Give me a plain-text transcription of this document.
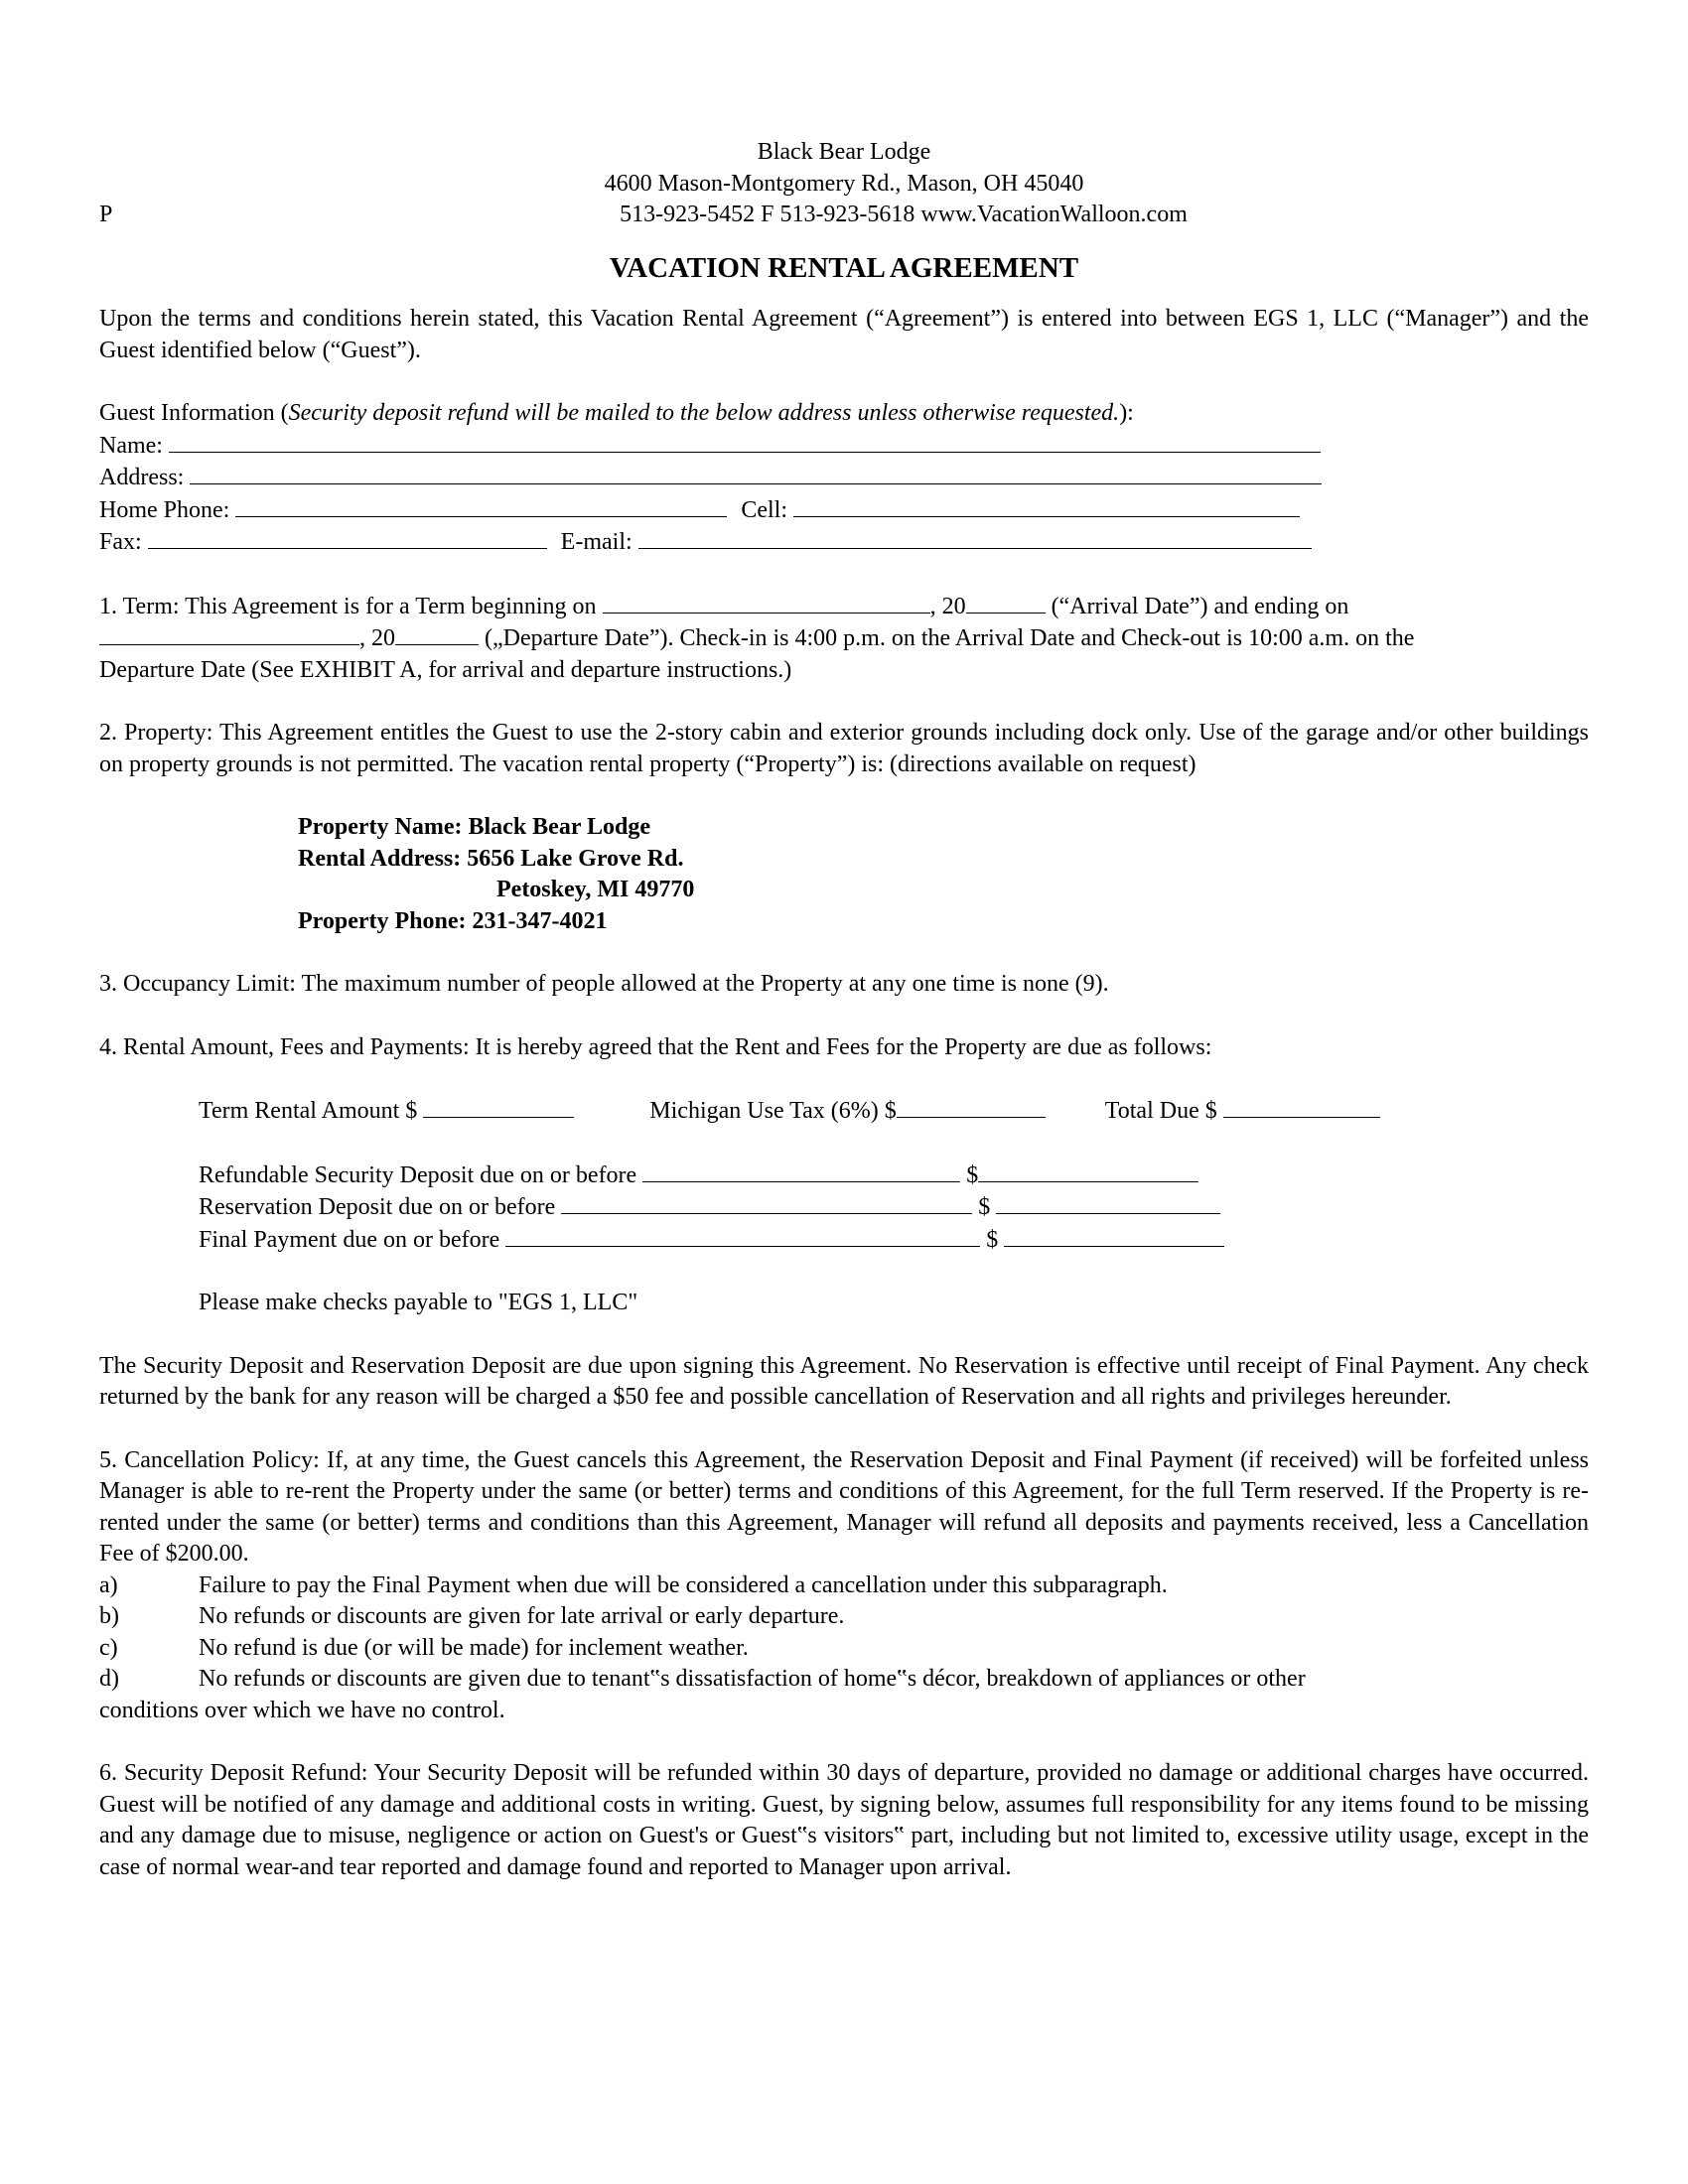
Black Bear Lodge
4600 Mason-Montgomery Rd., Mason, OH 45040
513-923-5452 F 513-923-5618 www.VacationWalloon.com
P
VACATION RENTAL AGREEMENT

Upon the terms and conditions herein stated, this Vacation Rental Agreement (“Agreement”) is entered into between EGS 1, LLC (“Manager”) and the Guest identified below (“Guest”).

Guest Information (Security deposit refund will be mailed to the below address unless otherwise requested.):
Name:
Address:
Home Phone:	Cell:
Fax:	E-mail:
1. Term: This Agreement is for a Term beginning on	, 20	(“Arrival Date”) and ending on
, 20	(„Departure Date”). Check-in is 4:00 p.m. on the Arrival Date and Check-out is 10:00 a.m. on the
Departure Date (See EXHIBIT A, for arrival and departure instructions.)

2. Property: This Agreement entitles the Guest to use the 2-story cabin and exterior grounds including dock only. Use of the garage and/or other buildings on property grounds is not permitted. The vacation rental property (“Property”) is: (directions available on request)

Property Name: Black Bear Lodge
Rental Address: 5656 Lake Grove Rd.
Petoskey, MI 49770
Property Phone: 231-347-4021

3. Occupancy Limit: The maximum number of people allowed at the Property at any one time is none (9).

4. Rental Amount, Fees and Payments: It is hereby agreed that the Rent and Fees for the Property are due as follows:

Term Rental Amount $	Michigan Use Tax (6%) $	Total Due $
Refundable Security Deposit due on or before	$
Reservation Deposit due on or before	$
Final Payment due on or before	$
Please make checks payable to "EGS 1, LLC"

The Security Deposit and Reservation Deposit are due upon signing this Agreement. No Reservation is effective until receipt of Final Payment. Any check returned by the bank for any reason will be charged a $50 fee and possible cancellation of Reservation and all rights and privileges hereunder.

5. Cancellation Policy: If, at any time, the Guest cancels this Agreement, the Reservation Deposit and Final Payment (if received) will be forfeited unless Manager is able to re-rent the Property under the same (or better) terms and conditions of this Agreement, for the full Term reserved. If the Property is re-rented under the same (or better) terms and conditions than this Agreement, Manager will refund all deposits and payments received, less a Cancellation Fee of $200.00.

a)	Failure to pay the Final Payment when due will be considered a cancellation under this subparagraph.
b)	No refunds or discounts are given for late arrival or early departure.
c)	No refund is due (or will be made) for inclement weather.
d)	No refunds or discounts are given due to tenant‟s dissatisfaction of home‟s décor, breakdown of appliances or other
conditions over which we have no control.

6. Security Deposit Refund: Your Security Deposit will be refunded within 30 days of departure, provided no damage or additional charges have occurred. Guest will be notified of any damage and additional costs in writing. Guest, by signing below, assumes full responsibility for any items found to be missing and any damage due to misuse, negligence or action on Guest's or Guest‟s visitors‟ part, including but not limited to, excessive utility usage, except in the case of normal wear-and tear reported and damage found and reported to Manager upon arrival.
